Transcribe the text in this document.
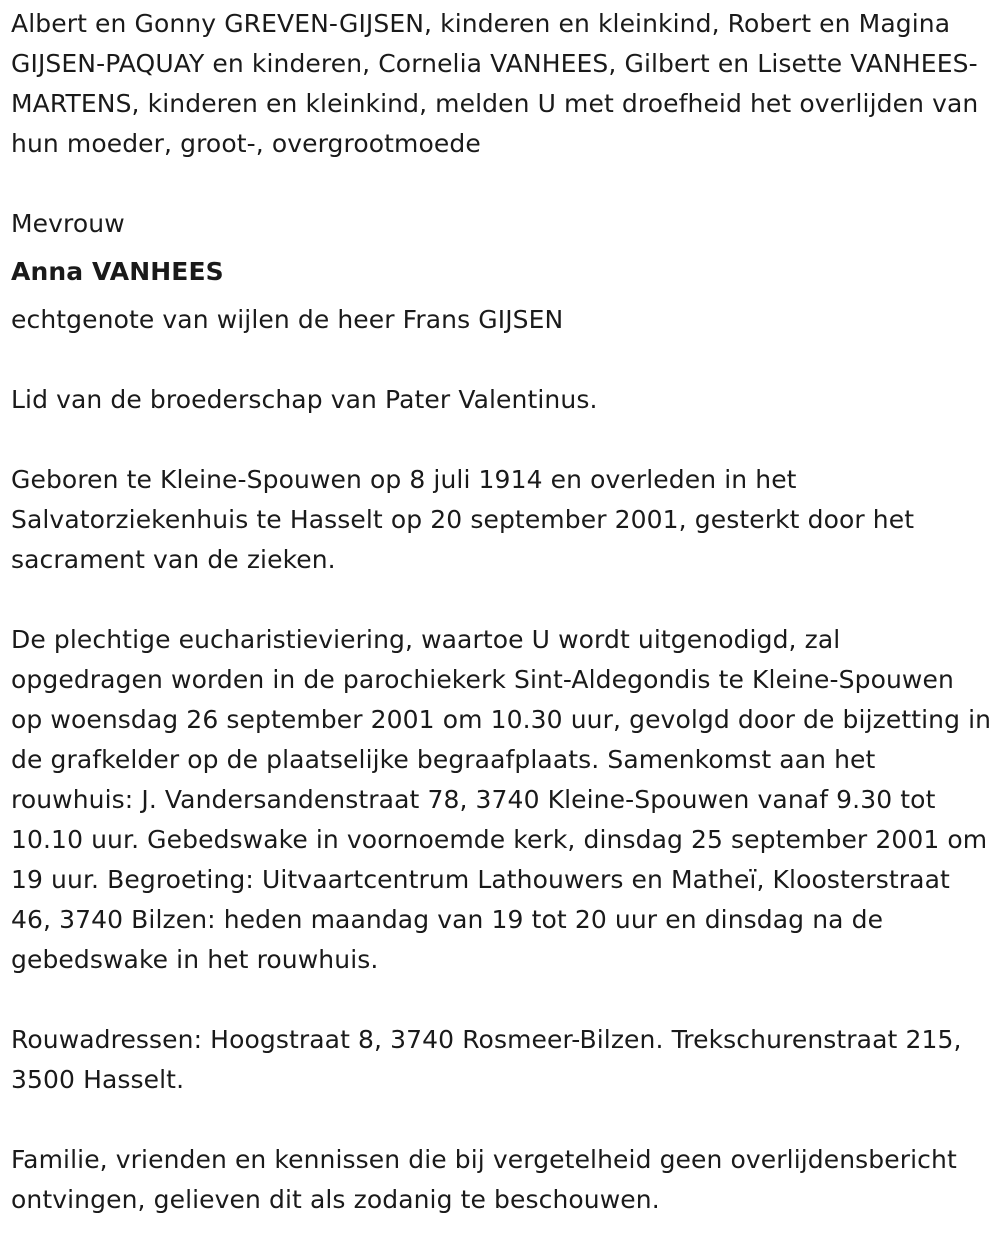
Albert en Gonny GREVEN-GIJSEN, kinderen en kleinkind, Robert en Magina GIJSEN-PAQUAY en kinderen, Cornelia VANHEES, Gilbert en Lisette VANHEES-MARTENS, kinderen en kleinkind, melden U met droefheid het overlijden van hun moeder, groot-, overgrootmoede

Mevrouw

Anna VANHEES

echtgenote van wijlen de heer Frans GIJSEN

Lid van de broederschap van Pater Valentinus.

Geboren te Kleine-Spouwen op 8 juli 1914 en overleden in het Salvatorziekenhuis te Hasselt op 20 september 2001, gesterkt door het sacrament van de zieken.

De plechtige eucharistieviering, waartoe U wordt uitgenodigd, zal opgedragen worden in de parochiekerk Sint-Aldegondis te Kleine-Spouwen op woensdag 26 september 2001 om 10.30 uur, gevolgd door de bijzetting in de grafkelder op de plaatselijke begraafplaats. Samenkomst aan het rouwhuis: J. Vandersandenstraat 78, 3740 Kleine-Spouwen vanaf 9.30 tot 10.10 uur. Gebedswake in voornoemde kerk, dinsdag 25 september 2001 om 19 uur. Begroeting: Uitvaartcentrum Lathouwers en Matheï, Kloosterstraat 46, 3740 Bilzen: heden maandag van 19 tot 20 uur en dinsdag na de gebedswake in het rouwhuis.

Rouwadressen: Hoogstraat 8, 3740 Rosmeer-Bilzen. Trekschurenstraat 215, 3500 Hasselt.

Familie, vrienden en kennissen die bij vergetelheid geen overlijdensbericht ontvingen, gelieven dit als zodanig te beschouwen.
